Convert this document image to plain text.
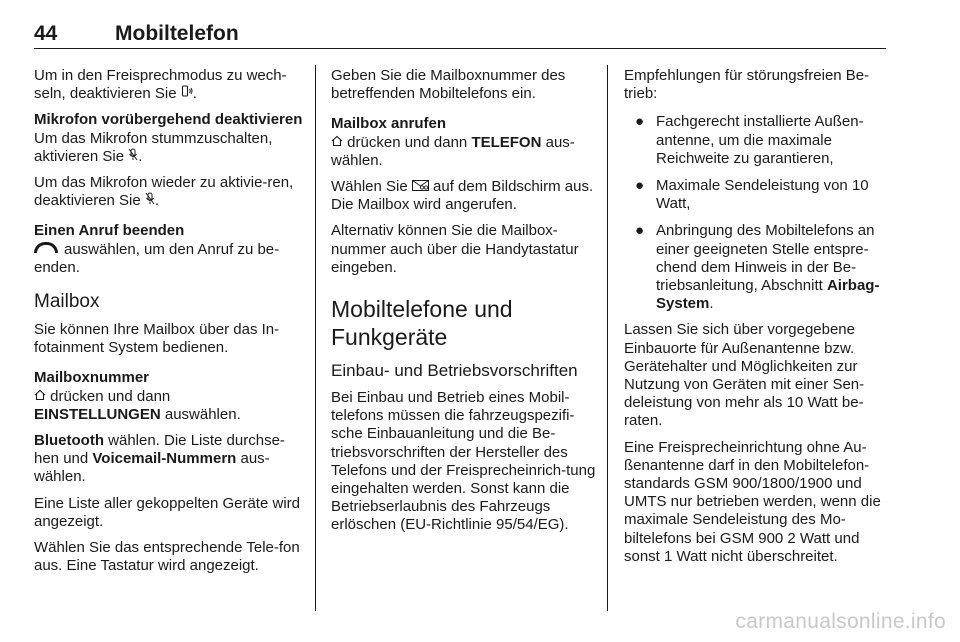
44	Mobiltelefon

Um in den Freisprechmodus zu wech-seln, deaktivieren Sie .

Mikrofon vorübergehend deaktivieren

Um das Mikrofon stummzuschalten, aktivieren Sie .

Um das Mikrofon wieder zu aktivie-ren, deaktivieren Sie .

Einen Anruf beenden

auswählen, um den Anruf zu be-enden.

Mailbox

Sie können Ihre Mailbox über das In-fotainment System bedienen.

Mailboxnummer

drücken und dann
EINSTELLUNGEN auswählen.

Bluetooth wählen. Die Liste durchse-hen und Voicemail-Nummern aus-wählen.

Eine Liste aller gekoppelten Geräte wird angezeigt.

Wählen Sie das entsprechende Tele-fon aus. Eine Tastatur wird angezeigt.

Geben Sie die Mailboxnummer des betreffenden Mobiltelefons ein.

Mailbox anrufen

drücken und dann TELEFON aus-wählen.

Wählen Sie  auf dem Bildschirm aus. Die Mailbox wird angerufen.

Alternativ können Sie die Mailbox-nummer auch über die Handytastatur eingeben.

Mobiltelefone und Funkgeräte
Einbau- und Betriebsvorschriften

Bei Einbau und Betrieb eines Mobil-telefons müssen die fahrzeugspezifi-sche Einbauanleitung und die Be-triebsvorschriften der Hersteller des Telefons und der Freisprecheinrich-tung eingehalten werden. Sonst kann die Betriebserlaubnis des Fahrzeugs erlöschen (EU-Richtlinie 95/54/EG).

Empfehlungen für störungsfreien Be-trieb:

● Fachgerecht installierte Außen-antenne, um die maximale Reichweite zu garantieren,
● Maximale Sendeleistung von 10 Watt,
● Anbringung des Mobiltelefons an einer geeigneten Stelle entspre-chend dem Hinweis in der Be-triebsanleitung, Abschnitt Airbag-System.

Lassen Sie sich über vorgegebene Einbauorte für Außenantenne bzw. Gerätehalter und Möglichkeiten zur Nutzung von Geräten mit einer Sen-deleistung von mehr als 10 Watt be-raten.

Eine Freisprecheinrichtung ohne Au-ßenantenne darf in den Mobiltelefon-standards GSM 900/1800/1900 und UMTS nur betrieben werden, wenn die maximale Sendeleistung des Mo-biltelefons bei GSM 900 2 Watt und sonst 1 Watt nicht überschreitet.

carmanualsonline.info
